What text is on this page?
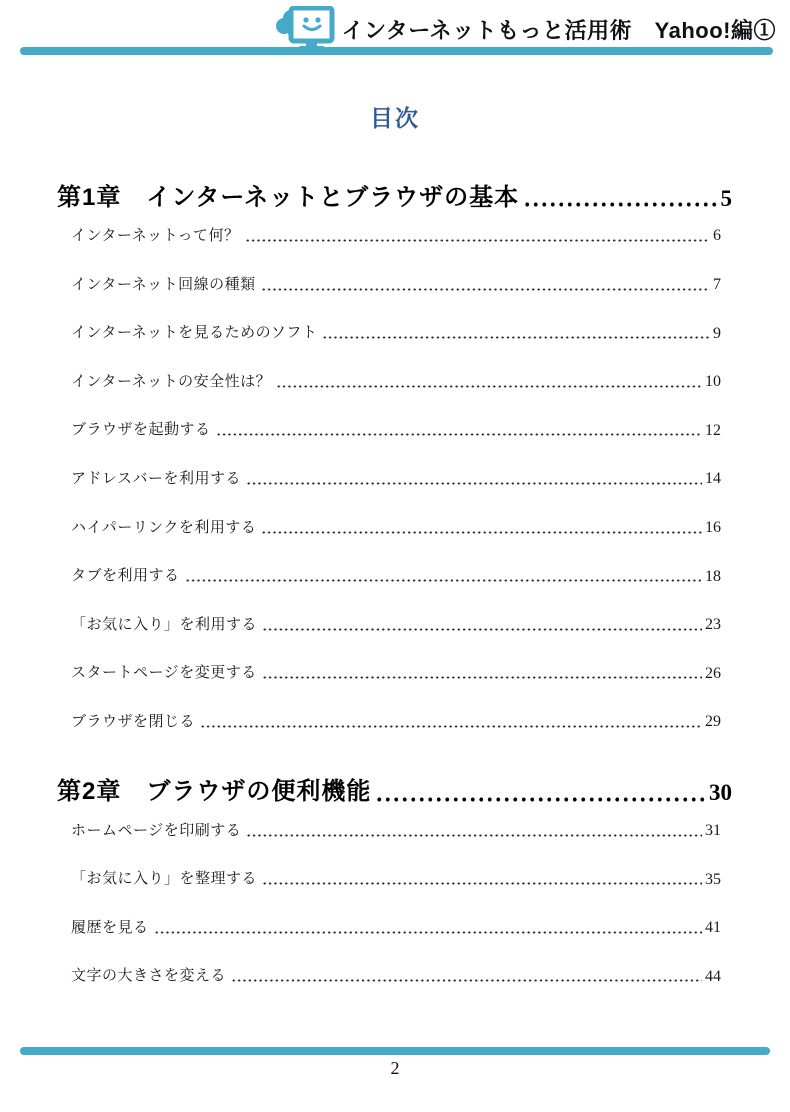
インターネットもっと活用術　Yahoo!編①
目次
第1章　インターネットとブラウザの基本	5
インターネットって何？	6
インターネット回線の種類	7
インターネットを見るためのソフト	9
インターネットの安全性は？	10
ブラウザを起動する	12
アドレスバーを利用する	14
ハイパーリンクを利用する	16
タブを利用する	18
「お気に入り」を利用する	23
スタートページを変更する	26
ブラウザを閉じる	29
第2章　ブラウザの便利機能	30
ホームページを印刷する	31
「お気に入り」を整理する	35
履歴を見る	41
文字の大きさを変える	44
2
